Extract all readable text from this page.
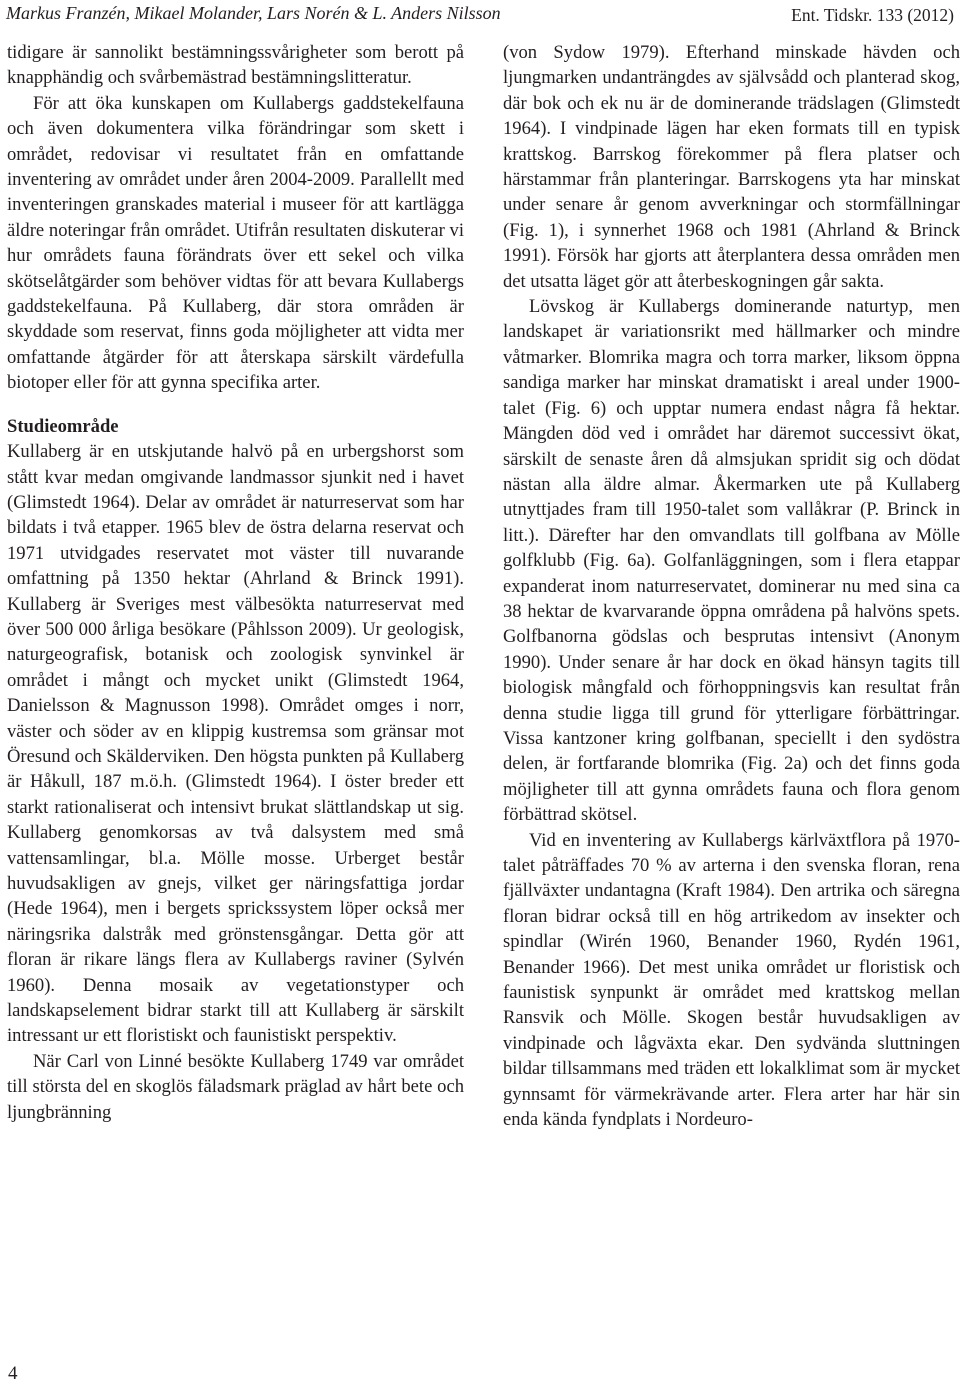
Markus Franzén, Mikael Molander, Lars Norén & L. Anders Nilsson	Ent. Tidskr. 133 (2012)

tidigare är sannolikt bestämningssvårigheter som berott på knapphändig och svårbemästrad bestämningslitteratur.

För att öka kunskapen om Kullabergs gaddstekelfauna och även dokumentera vilka förändringar som skett i området, redovisar vi resultatet från en omfattande inventering av området under åren 2004-2009. Parallellt med inventeringen granskades material i museer för att kartlägga äldre noteringar från området. Utifrån resultaten diskuterar vi hur områdets fauna förändrats över ett sekel och vilka skötselåtgärder som behöver vidtas för att bevara Kullabergs gaddstekelfauna. På Kullaberg, där stora områden är skyddade som reservat, finns goda möjligheter att vidta mer omfattande åtgärder för att återskapa särskilt värdefulla biotoper eller för att gynna specifika arter.

Studieområde

Kullaberg är en utskjutande halvö på en urbergshorst som stått kvar medan omgivande landmassor sjunkit ned i havet (Glimstedt 1964). Delar av området är naturreservat som har bildats i två etapper. 1965 blev de östra delarna reservat och 1971 utvidgades reservatet mot väster till nuvarande omfattning på 1350 hektar (Ahrland & Brinck 1991). Kullaberg är Sveriges mest välbesökta naturreservat med över 500 000 årliga besökare (Påhlsson 2009). Ur geologisk, naturgeografisk, botanisk och zoologisk synvinkel är området i mångt och mycket unikt (Glimstedt 1964, Danielsson & Magnusson 1998). Området omges i norr, väster och söder av en klippig kustremsa som gränsar mot Öresund och Skälderviken. Den högsta punkten på Kullaberg är Håkull, 187 m.ö.h. (Glimstedt 1964). I öster breder ett starkt rationaliserat och intensivt brukat slättlandskap ut sig. Kullaberg genomkorsas av två dalsystem med små vattensamlingar, bl.a. Mölle mosse. Urberget består huvudsakligen av gnejs, vilket ger näringsfattiga jordar (Hede 1964), men i bergets sprickssystem löper också mer näringsrika dalstråk med grönstensgångar. Detta gör att floran är rikare längs flera av Kullabergs raviner (Sylvén 1960). Denna mosaik av vegetationstyper och landskapselement bidrar starkt till att Kullaberg är särskilt intressant ur ett floristiskt och faunistiskt perspektiv.

När Carl von Linné besökte Kullaberg 1749 var området till största del en skoglös fäladsmark präglad av hårt bete och ljungbränning

(von Sydow 1979). Efterhand minskade hävden och ljungmarken undanträngdes av självsådd och planterad skog, där bok och ek nu är de dominerande trädslagen (Glimstedt 1964). I vindpinade lägen har eken formats till en typisk krattskog. Barrskog förekommer på flera platser och härstammar från planteringar. Barrskogens yta har minskat under senare år genom avverkningar och stormfällningar (Fig. 1), i synnerhet 1968 och 1981 (Ahrland & Brinck 1991). Försök har gjorts att återplantera dessa områden men det utsatta läget gör att återbeskogningen går sakta.

Lövskog är Kullabergs dominerande naturtyp, men landskapet är variationsrikt med hällmarker och mindre våtmarker. Blomrika magra och torra marker, liksom öppna sandiga marker har minskat dramatiskt i areal under 1900-talet (Fig. 6) och upptar numera endast några få hektar. Mängden död ved i området har däremot successivt ökat, särskilt de senaste åren då almsjukan spridit sig och dödat nästan alla äldre almar. Åkermarken ute på Kullaberg utnyttjades fram till 1950-talet som vallåkrar (P. Brinck in litt.). Därefter har den omvandlats till golfbana av Mölle golfklubb (Fig. 6a). Golfanläggningen, som i flera etappar expanderat inom naturreservatet, dominerar nu med sina ca 38 hektar de kvarvarande öppna områdena på halvöns spets. Golfbanorna gödslas och besprutas intensivt (Anonym 1990). Under senare år har dock en ökad hänsyn tagits till biologisk mångfald och förhoppningsvis kan resultat från denna studie ligga till grund för ytterligare förbättringar. Vissa kantzoner kring golfbanan, speciellt i den sydöstra delen, är fortfarande blomrika (Fig. 2a) och det finns goda möjligheter till att gynna områdets fauna och flora genom förbättrad skötsel.

Vid en inventering av Kullabergs kärlväxtflora på 1970-talet påträffades 70 % av arterna i den svenska floran, rena fjällväxter undantagna (Kraft 1984). Den artrika och säregna floran bidrar också till en hög artrikedom av insekter och spindlar (Wirén 1960, Benander 1960, Rydén 1961, Benander 1966). Det mest unika området ur floristisk och faunistisk synpunkt är området med krattskog mellan Ransvik och Mölle. Skogen består huvudsakligen av vindpinade och lågväxta ekar. Den sydvända sluttningen bildar tillsammans med träden ett lokalklimat som är mycket gynnsamt för värmekrävande arter. Flera arter har här sin enda kända fyndplats i Nordeuro-

4
